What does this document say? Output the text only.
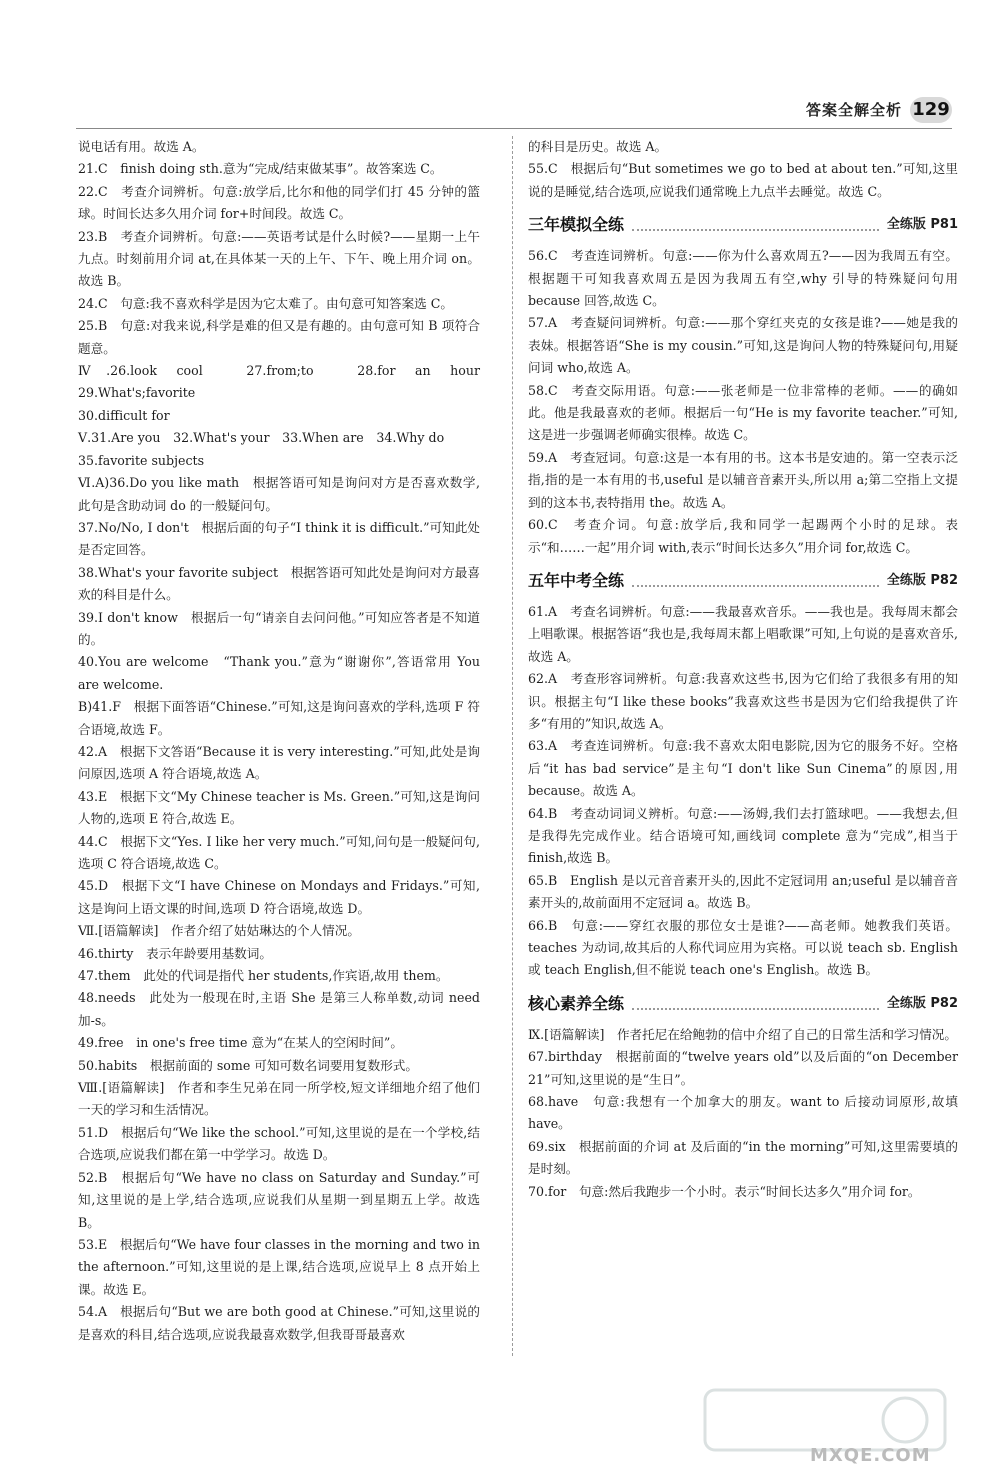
答案全解全析 129

说电话有用。故选 A。

21.C　finish doing sth.意为“完成/结束做某事”。故答案选 C。

22.C　考查介词辨析。句意:放学后,比尔和他的同学们打 45 分钟的篮球。时间长达多久用介词 for+时间段。故选 C。

23.B　考查介词辨析。句意:——英语考试是什么时候?——星期一上午九点。时刻前用介词 at,在具体某一天的上午、下午、晚上用介词 on。故选 B。

24.C　句意:我不喜欢科学是因为它太难了。由句意可知答案选 C。

25.B　句意:对我来说,科学是难的但又是有趣的。由句意可知 B 项符合题意。

Ⅳ.26.look cool　27.from;to　28.for an hour　29.What's;favorite

30.difficult for

Ⅴ.31.Are you　32.What's your　33.When are　34.Why do

35.favorite subjects

Ⅵ.A)36.Do you like math　根据答语可知是询问对方是否喜欢数学,此句是含助动词 do 的一般疑问句。

37.No/No, I don't　根据后面的句子“I think it is difficult.”可知此处是否定回答。

38.What's your favorite subject　根据答语可知此处是询问对方最喜欢的科目是什么。

39.I don't know　根据后一句“请亲自去问问他。”可知应答者是不知道的。

40.You are welcome　“Thank you.”意为“谢谢你”,答语常用 You are welcome.

B)41.F　根据下面答语“Chinese.”可知,这是询问喜欢的学科,选项 F 符合语境,故选 F。

42.A　根据下文答语“Because it is very interesting.”可知,此处是询问原因,选项 A 符合语境,故选 A。

43.E　根据下文“My Chinese teacher is Ms. Green.”可知,这是询问人物的,选项 E 符合,故选 E。

44.C　根据下文“Yes. I like her very much.”可知,问句是一般疑问句,选项 C 符合语境,故选 C。

45.D　根据下文“I have Chinese on Mondays and Fridays.”可知,这是询问上语文课的时间,选项 D 符合语境,故选 D。

Ⅶ.[语篇解读]　作者介绍了姑姑琳达的个人情况。

46.thirty　表示年龄要用基数词。

47.them　此处的代词是指代 her students,作宾语,故用 them。

48.needs　此处为一般现在时,主语 She 是第三人称单数,动词 need 加-s。

49.free　in one's free time 意为“在某人的空闲时间”。

50.habits　根据前面的 some 可知可数名词要用复数形式。

Ⅷ.[语篇解读]　作者和李生兄弟在同一所学校,短文详细地介绍了他们一天的学习和生活情况。

51.D　根据后句“We like the school.”可知,这里说的是在一个学校,结合选项,应说我们都在第一中学学习。故选 D。

52.B　根据后句“We have no class on Saturday and Sunday.”可知,这里说的是上学,结合选项,应说我们从星期一到星期五上学。故选 B。

53.E　根据后句“We have four classes in the morning and two in the afternoon.”可知,这里说的是上课,结合选项,应说早上 8 点开始上课。故选 E。

54.A　根据后句“But we are both good at Chinese.”可知,这里说的是喜欢的科目,结合选项,应说我最喜欢数学,但我哥哥最喜欢

的科目是历史。故选 A。

55.C　根据后句“But sometimes we go to bed at about ten.”可知,这里说的是睡觉,结合选项,应说我们通常晚上九点半去睡觉。故选 C。

三年模拟全练	全练版 P81

56.C　考查连词辨析。句意:——你为什么喜欢周五?——因为我周五有空。根据题干可知我喜欢周五是因为我周五有空,why 引导的特殊疑问句用 because 回答,故选 C。

57.A　考查疑问词辨析。句意:——那个穿红夹克的女孩是谁?——她是我的表妹。根据答语“She is my cousin.”可知,这是询问人物的特殊疑问句,用疑问词 who,故选 A。

58.C　考查交际用语。句意:——张老师是一位非常棒的老师。——的确如此。他是我最喜欢的老师。根据后一句“He is my favorite teacher.”可知,这是进一步强调老师确实很棒。故选 C。

59.A　考查冠词。句意:这是一本有用的书。这本书是安迪的。第一空表示泛指,指的是一本有用的书,useful 是以辅音音素开头,所以用 a;第二空指上文提到的这本书,表特指用 the。故选 A。

60.C　考查介词。句意:放学后,我和同学一起踢两个小时的足球。表示“和……一起”用介词 with,表示“时间长达多久”用介词 for,故选 C。

五年中考全练	全练版 P82

61.A　考查名词辨析。句意:——我最喜欢音乐。——我也是。我每周末都会上唱歌课。根据答语“我也是,我每周末都上唱歌课”可知,上句说的是喜欢音乐,故选 A。

62.A　考查形容词辨析。句意:我喜欢这些书,因为它们给了我很多有用的知识。根据主句“I like these books”我喜欢这些书是因为它们给我提供了许多“有用的”知识,故选 A。

63.A　考查连词辨析。句意:我不喜欢太阳电影院,因为它的服务不好。空格后“it has bad service”是主句“I don't like Sun Cinema”的原因,用 because。故选 A。

64.B　考查动词词义辨析。句意:——汤姆,我们去打篮球吧。——我想去,但是我得先完成作业。结合语境可知,画线词 complete 意为“完成”,相当于 finish,故选 B。

65.B　English 是以元音音素开头的,因此不定冠词用 an;useful 是以辅音音素开头的,故前面用不定冠词 a。故选 B。

66.B　句意:——穿红衣服的那位女士是谁?——高老师。她教我们英语。teaches 为动词,故其后的人称代词应用为宾格。可以说 teach sb. English 或 teach English,但不能说 teach one's English。故选 B。

核心素养全练	全练版 P82

Ⅸ.[语篇解读]　作者托尼在给鲍勃的信中介绍了自己的日常生活和学习情况。

67.birthday　根据前面的“twelve years old”以及后面的“on December 21”可知,这里说的是“生日”。

68.have　句意:我想有一个加拿大的朋友。want to 后接动词原形,故填 have。

69.six　根据前面的介词 at 及后面的“in the morning”可知,这里需要填的是时刻。

70.for　句意:然后我跑步一个小时。表示“时间长达多久”用介词 for。

MXQE.COM
